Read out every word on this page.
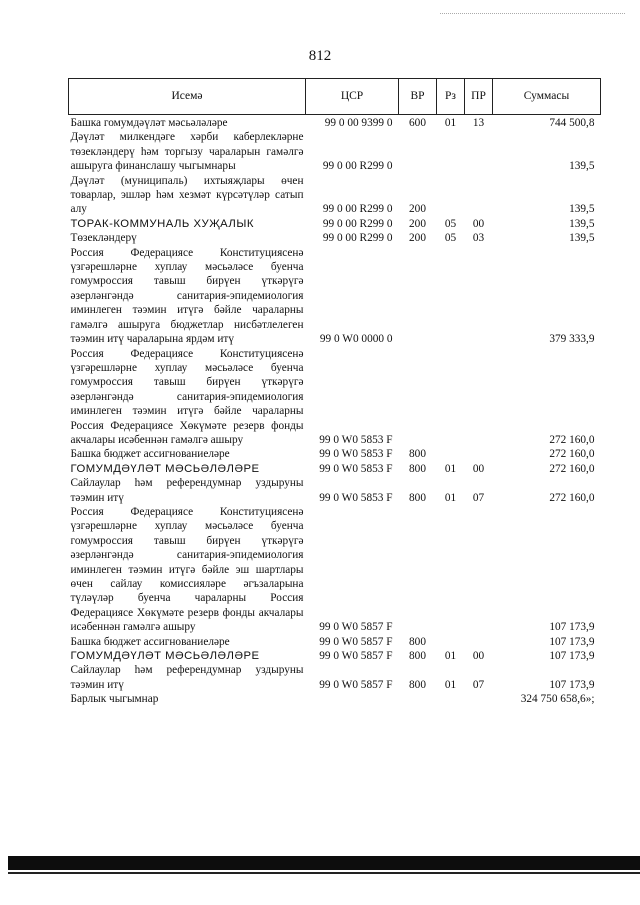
812
Исемә	ЦСР	ВР	Рз	ПР	Суммасы
Башка гомумдәүләт мәсьәләләре	99 0 00 9399 0	600	01	13	744 500,8
Дәүләт милкендәге хәрби каберлекләрне төзекләндерү һәм торгызу чараларын гамәлгә ашыруга финанслашу чыгымнары	99 0 00 R299 0				139,5
Дәүләт (муниципаль) ихтыяҗлары өчен товарлар, эшләр һәм хезмәт күрсәтүләр сатып алу	99 0 00 R299 0	200			139,5
ТОРАК-КОММУНАЛЬ ХУҖАЛЫК	99 0 00 R299 0	200	05	00	139,5
Төзекләндерү	99 0 00 R299 0	200	05	03	139,5
Россия Федерациясе Конституциясенә үзгәрешләрне хуплау мәсьәләсе буенча гомумроссия тавыш бирүен үткәрүгә әзерләнгәндә санитария-эпидемиология иминлеген тәэмин итүгә бәйле чараларны гамәлгә ашыруга бюджетлар нисбәтлелеген тәэмин итү чараларына ярдәм итү	99 0 W0 0000 0				379 333,9
Россия Федерациясе Конституциясенә үзгәрешләрне хуплау мәсьәләсе буенча гомумроссия тавыш бирүен үткәрүгә әзерләнгәндә санитария-эпидемиология иминлеген тәэмин итүгә бәйле чараларны Россия Федерациясе Хөкүмәте резерв фонды акчалары исәбеннән гамәлгә ашыру	99 0 W0 5853 F				272 160,0
Башка бюджет ассигнованиеләре	99 0 W0 5853 F	800			272 160,0
ГОМУМДӘҮЛӘТ МӘСЬӘЛӘЛӘРЕ	99 0 W0 5853 F	800	01	00	272 160,0
Сайлаулар һәм референдумнар уздыруны тәэмин итү	99 0 W0 5853 F	800	01	07	272 160,0
Россия Федерациясе Конституциясенә үзгәрешләрне хуплау мәсьәләсе буенча гомумроссия тавыш бирүен үткәрүгә әзерләнгәндә санитария-эпидемиология иминлеген тәэмин итүгә бәйле эш шартлары өчен сайлау комиссияләре әгъзаларына түләүләр буенча чараларны Россия Федерациясе Хөкүмәте резерв фонды акчалары исәбеннән гамәлгә ашыру	99 0 W0 5857 F				107 173,9
Башка бюджет ассигнованиеләре	99 0 W0 5857 F	800			107 173,9
ГОМУМДӘҮЛӘТ МӘСЬӘЛӘЛӘРЕ	99 0 W0 5857 F	800	01	00	107 173,9
Сайлаулар һәм референдумнар уздыруны тәэмин итү	99 0 W0 5857 F	800	01	07	107 173,9
Барлык чыгымнар					324 750 658,6»;
